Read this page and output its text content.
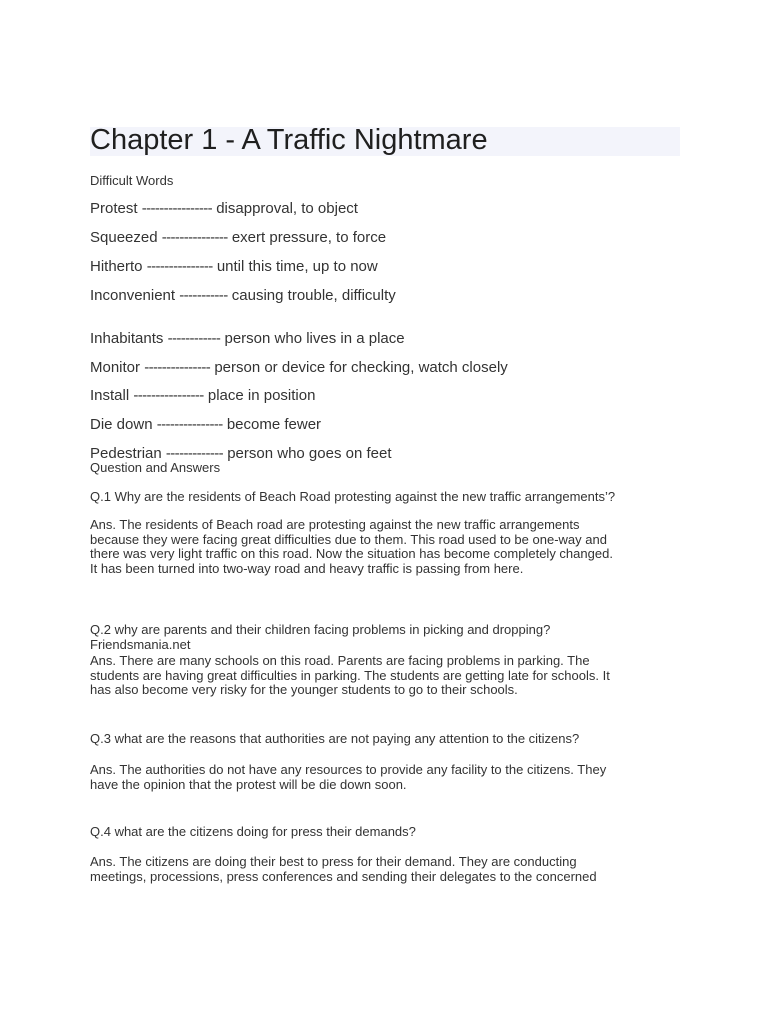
Chapter 1 - A Traffic Nightmare

Difficult Words

Protest ---------------- disapproval, to object

Squeezed --------------- exert pressure, to force

Hitherto --------------- until this time, up to now

Inconvenient ----------- causing trouble, difficulty

Inhabitants ------------ person who lives in a place

Monitor --------------- person or device for checking, watch closely

Install ---------------- place in position

Die down --------------- become fewer

Pedestrian ------------- person who goes on feet

Question and Answers

Q.1 Why are the residents of Beach Road protesting against the new traffic arrangements’?

Ans. The residents of Beach road are protesting against the new traffic arrangements
because they were facing great difficulties due to them. This road used to be one-way and
there was very light traffic on this road. Now the situation has become completely changed.
It has been turned into two-way road and heavy traffic is passing from here.

Q.2 why are parents and their children facing problems in picking and dropping?

Friendsmania.net

Ans. There are many schools on this road. Parents are facing problems in parking. The
students are having great difficulties in parking. The students are getting late for schools. It
has also become very risky for the younger students to go to their schools.

Q.3 what are the reasons that authorities are not paying any attention to the citizens?

Ans. The authorities do not have any resources to provide any facility to the citizens. They
have the opinion that the protest will be die down soon.

Q.4 what are the citizens doing for press their demands?

Ans. The citizens are doing their best to press for their demand. They are conducting
meetings, processions, press conferences and sending their delegates to the concerned
